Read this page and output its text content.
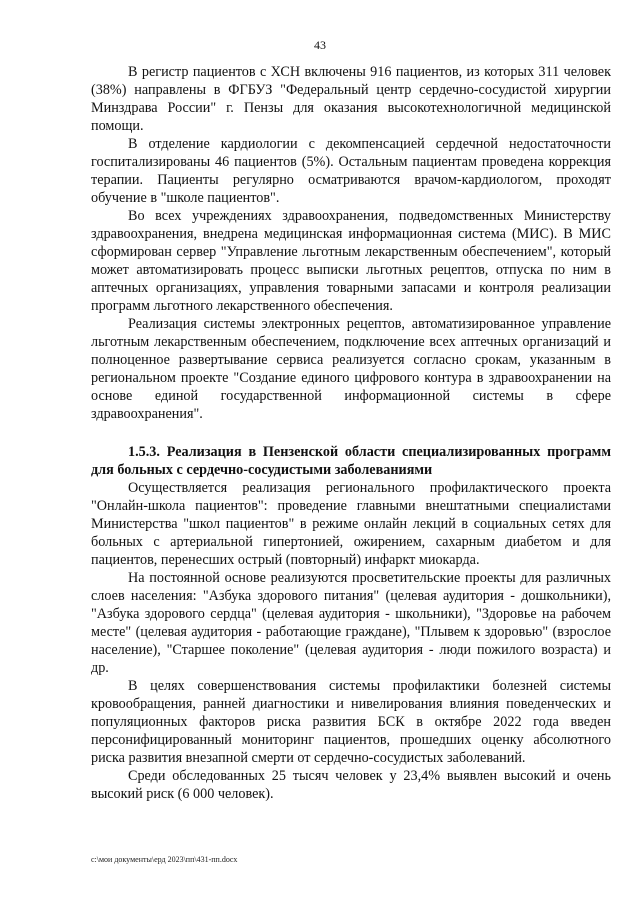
43

В регистр пациентов с ХСН включены 916 пациентов, из которых 311 человек (38%) направлены в ФГБУЗ "Федеральный центр сердечно-сосудистой хирургии Минздрава России" г. Пензы для оказания высокотехнологичной медицинской помощи.

В отделение кардиологии с декомпенсацией сердечной недостаточности госпитализированы 46 пациентов (5%). Остальным пациентам проведена коррекция терапии. Пациенты регулярно осматриваются врачом-кардиологом, проходят обучение в "школе пациентов".

Во всех учреждениях здравоохранения, подведомственных Министерству здравоохранения, внедрена медицинская информационная система (МИС). В МИС сформирован сервер "Управление льготным лекарственным обеспечением", который может автоматизировать процесс выписки льготных рецептов, отпуска по ним в аптечных организациях, управления товарными запасами и контроля реализации программ льготного лекарственного обеспечения.

Реализация системы электронных рецептов, автоматизированное управление льготным лекарственным обеспечением, подключение всех аптечных организаций и полноценное развертывание сервиса реализуется согласно срокам, указанным в региональном проекте "Создание единого цифрового контура в здравоохранении на основе единой государственной информационной системы в сфере здравоохранения".

1.5.3. Реализация в Пензенской области специализированных программ для больных с сердечно-сосудистыми заболеваниями

Осуществляется реализация регионального профилактического проекта "Онлайн-школа пациентов": проведение главными внештатными специалистами Министерства "школ пациентов" в режиме онлайн лекций в социальных сетях для больных с артериальной гипертонией, ожирением, сахарным диабетом и для пациентов, перенесших острый (повторный) инфаркт миокарда.

На постоянной основе реализуются просветительские проекты для различных слоев населения: "Азбука здорового питания" (целевая аудитория - дошкольники), "Азбука здорового сердца" (целевая аудитория - школьники), "Здоровье на рабочем месте" (целевая аудитория - работающие граждане), "Плывем к здоровью" (взрослое население), "Старшее поколение" (целевая аудитория - люди пожилого возраста) и др.

В целях совершенствования системы профилактики болезней системы кровообращения, ранней диагностики и нивелирования влияния поведенческих и популяционных факторов риска развития БСК в октябре 2022 года введен персонифицированный мониторинг пациентов, прошедших оценку абсолютного риска развития внезапной смерти от сердечно-сосудистых заболеваний.

Среди обследованных 25 тысяч человек у 23,4% выявлен высокий и очень высокий риск (6 000 человек).

c:\мои документы\ерд 2023\пп\431-пп.docx
